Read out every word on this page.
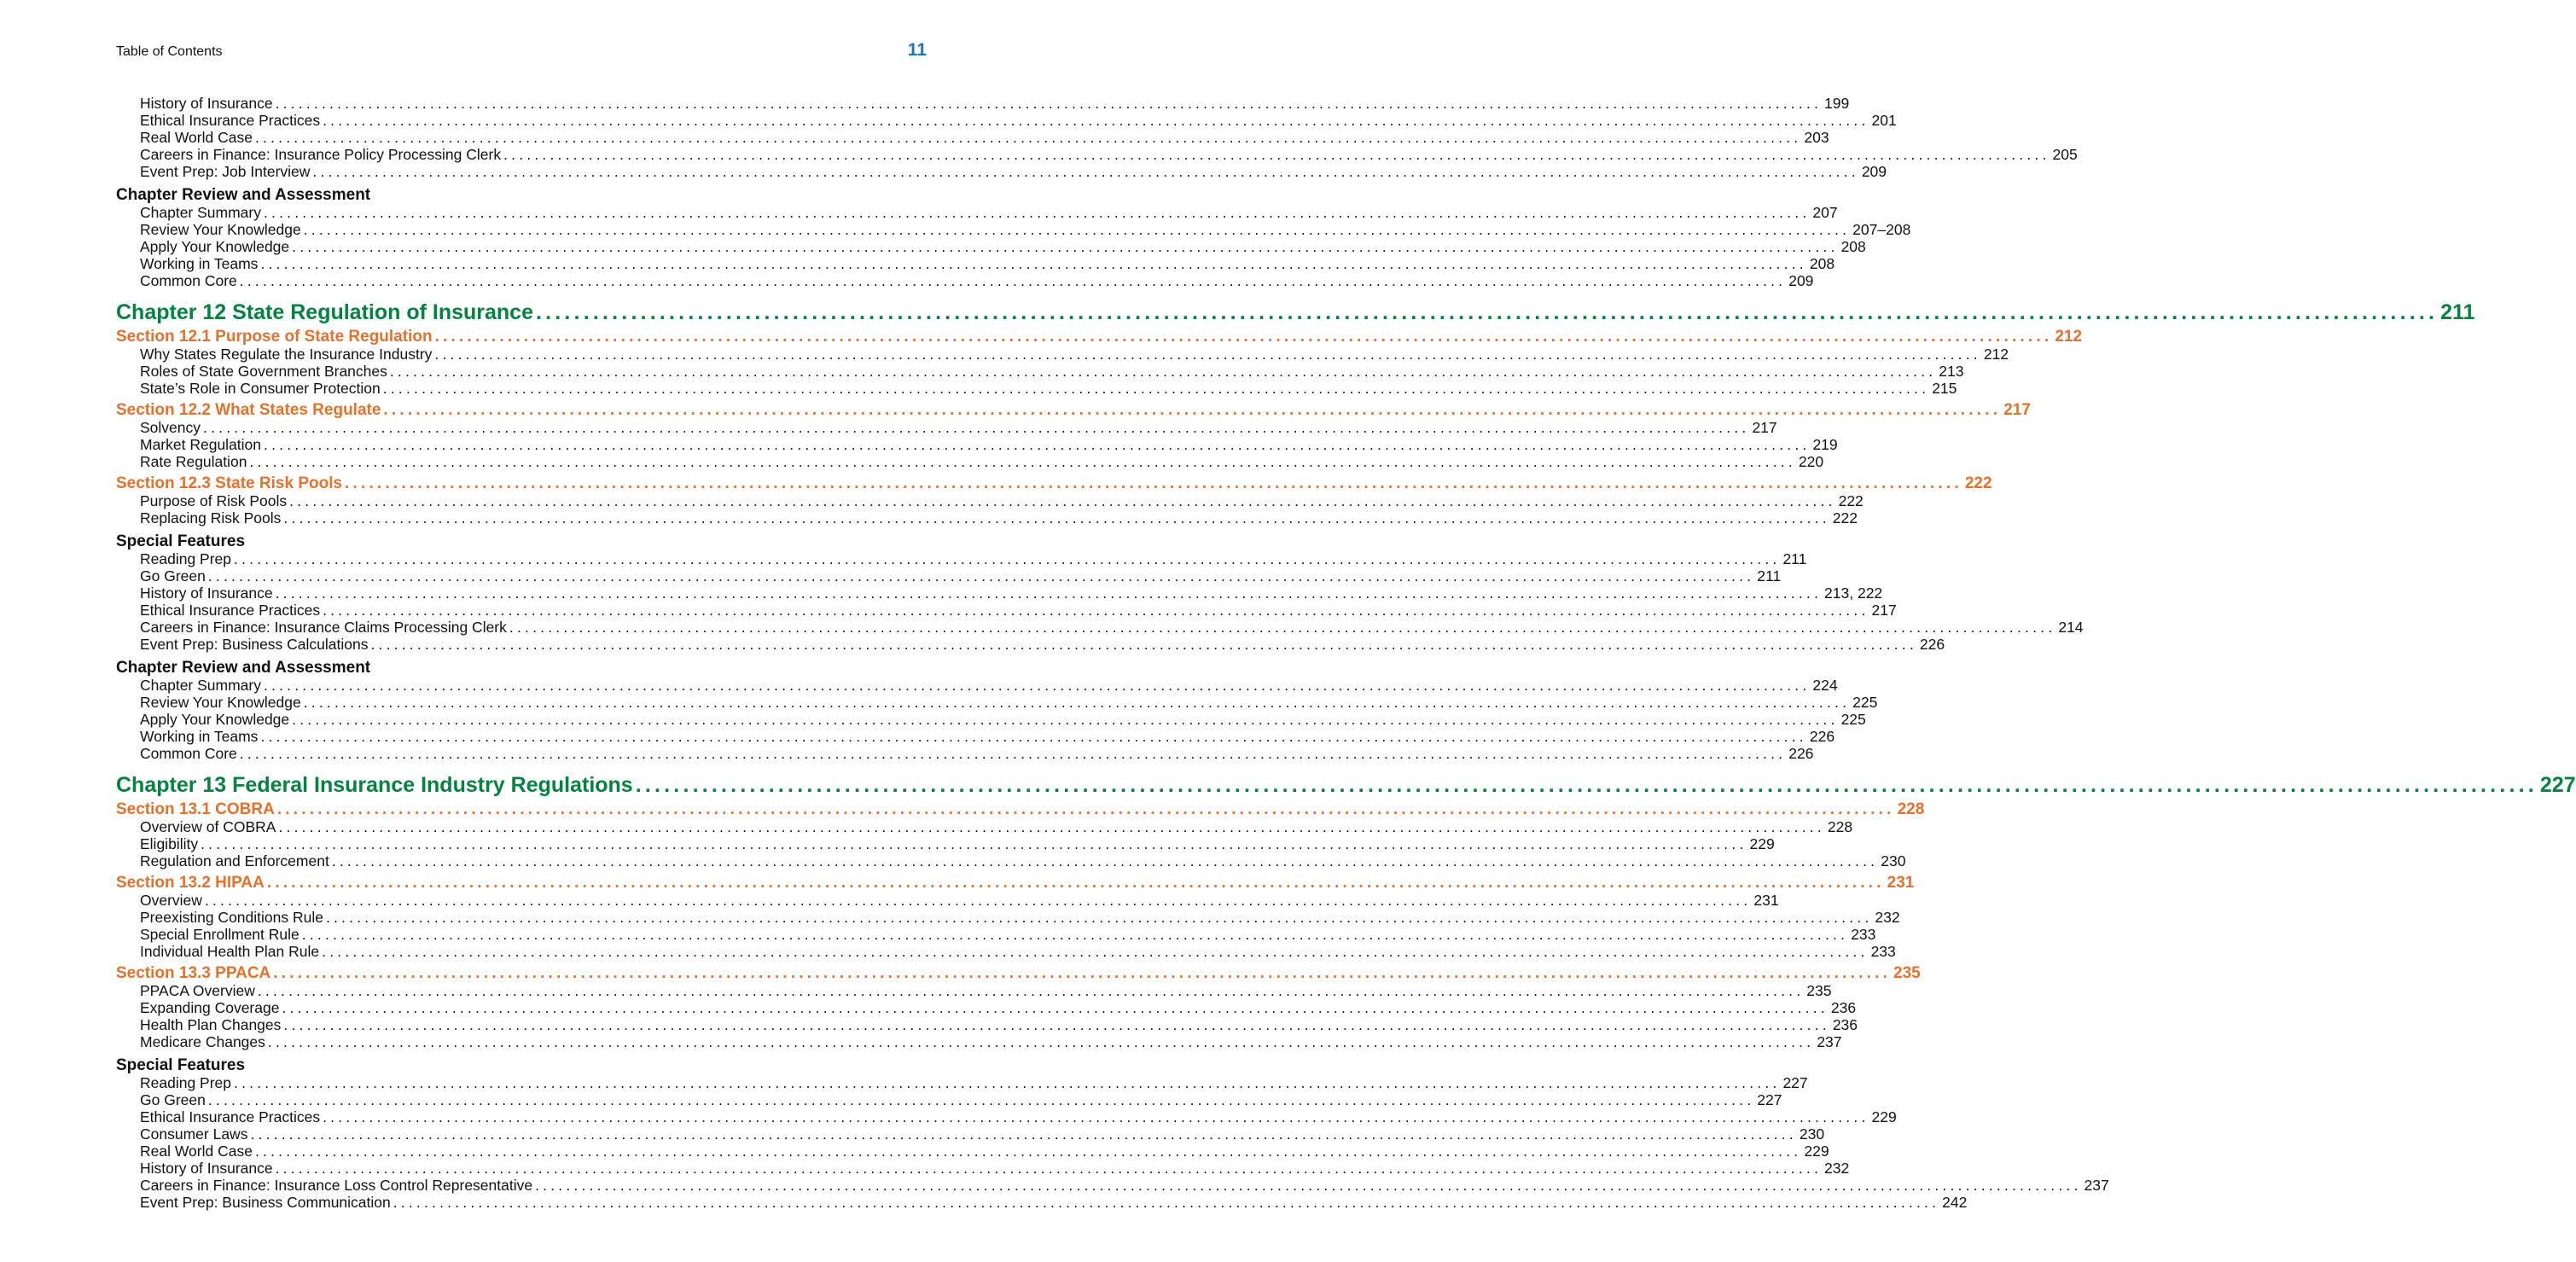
Table of Contents	11
History of Insurance ........................................................................................................................................................................................................ 199
Ethical Insurance Practices ........................................................................................................................................................................................................ 201
Real World Case ........................................................................................................................................................................................................ 203
Careers in Finance: Insurance Policy Processing Clerk ........................................................................................................................................................................................................ 205
Event Prep: Job Interview ........................................................................................................................................................................................................ 209
Chapter Review and Assessment
Chapter Summary ........................................................................................................................................................................................................ 207
Review Your Knowledge ........................................................................................................................................................................................................ 207–208
Apply Your Knowledge ........................................................................................................................................................................................................ 208
Working in Teams ........................................................................................................................................................................................................ 208
Common Core ........................................................................................................................................................................................................ 209
Chapter 12 State Regulation of Insurance ........................................................................................................................................................................................................ 211
Section 12.1 Purpose of State Regulation ........................................................................................................................................................................................................ 212
Why States Regulate the Insurance Industry ........................................................................................................................................................................................................ 212
Roles of State Government Branches ........................................................................................................................................................................................................ 213
State’s Role in Consumer Protection ........................................................................................................................................................................................................ 215
Section 12.2 What States Regulate ........................................................................................................................................................................................................ 217
Solvency ........................................................................................................................................................................................................ 217
Market Regulation ........................................................................................................................................................................................................ 219
Rate Regulation ........................................................................................................................................................................................................ 220
Section 12.3 State Risk Pools ........................................................................................................................................................................................................ 222
Purpose of Risk Pools ........................................................................................................................................................................................................ 222
Replacing Risk Pools ........................................................................................................................................................................................................ 222
Special Features
Reading Prep ........................................................................................................................................................................................................ 211
Go Green ........................................................................................................................................................................................................ 211
History of Insurance ........................................................................................................................................................................................................ 213, 222
Ethical Insurance Practices ........................................................................................................................................................................................................ 217
Careers in Finance: Insurance Claims Processing Clerk ........................................................................................................................................................................................................ 214
Event Prep: Business Calculations ........................................................................................................................................................................................................ 226
Chapter Review and Assessment
Chapter Summary ........................................................................................................................................................................................................ 224
Review Your Knowledge ........................................................................................................................................................................................................ 225
Apply Your Knowledge ........................................................................................................................................................................................................ 225
Working in Teams ........................................................................................................................................................................................................ 226
Common Core ........................................................................................................................................................................................................ 226
Chapter 13 Federal Insurance Industry Regulations ........................................................................................................................................................................................................ 227
Section 13.1 COBRA ........................................................................................................................................................................................................ 228
Overview of COBRA ........................................................................................................................................................................................................ 228
Eligibility ........................................................................................................................................................................................................ 229
Regulation and Enforcement ........................................................................................................................................................................................................ 230
Section 13.2 HIPAA ........................................................................................................................................................................................................ 231
Overview ........................................................................................................................................................................................................ 231
Preexisting Conditions Rule ........................................................................................................................................................................................................ 232
Special Enrollment Rule ........................................................................................................................................................................................................ 233
Individual Health Plan Rule ........................................................................................................................................................................................................ 233
Section 13.3 PPACA ........................................................................................................................................................................................................ 235
PPACA Overview ........................................................................................................................................................................................................ 235
Expanding Coverage ........................................................................................................................................................................................................ 236
Health Plan Changes ........................................................................................................................................................................................................ 236
Medicare Changes ........................................................................................................................................................................................................ 237
Special Features
Reading Prep ........................................................................................................................................................................................................ 227
Go Green ........................................................................................................................................................................................................ 227
Ethical Insurance Practices ........................................................................................................................................................................................................ 229
Consumer Laws ........................................................................................................................................................................................................ 230
Real World Case ........................................................................................................................................................................................................ 229
History of Insurance ........................................................................................................................................................................................................ 232
Careers in Finance: Insurance Loss Control Representative ........................................................................................................................................................................................................ 237
Event Prep: Business Communication ........................................................................................................................................................................................................ 242
